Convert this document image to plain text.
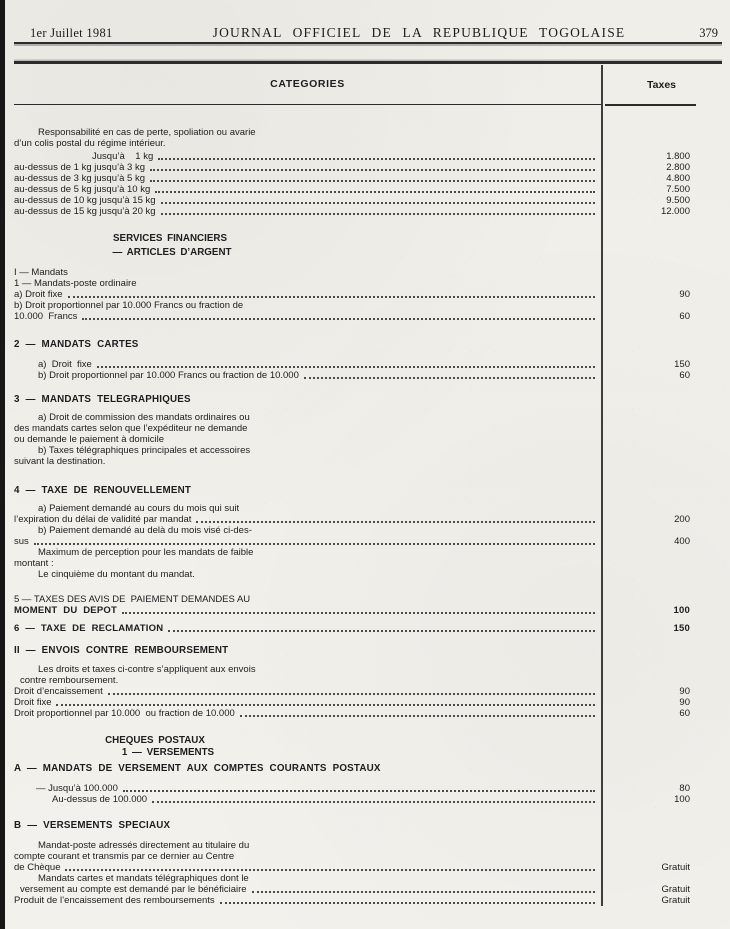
1er Juillet 1981	JOURNAL OFFICIEL DE LA REPUBLIQUE TOGOLAISE	379
CATEGORIES	Taxes
Responsabilité en cas de perte, spoliation ou avarie
d’un colis postal du régime intérieur.
Jusqu’à    1 kg	1.800
au-dessus de 1 kg jusqu’à 3 kg	2.800
au-dessus de 3 kg jusqu’à 5 kg	4.800
au-dessus de 5 kg jusqu’à 10 kg	7.500
au-dessus de 10 kg jusqu’à 15 kg	9.500
au-dessus de 15 kg jusqu’à 20 kg	12.000
SERVICES FINANCIERS
— ARTICLES D’ARGENT
I — Mandats
1 — Mandats-poste ordinaire
a) Droit fixe	90
b) Droit proportionnel par 10.000 Francs ou fraction de
10.000  Francs	60
2 — MANDATS CARTES
a)  Droit  fixe	150
b) Droit proportionnel par 10.000 Francs ou fraction de 10.000	60
3 — MANDATS TELEGRAPHIQUES
a) Droit de commission des mandats ordinaires ou
des mandats cartes selon que l’expéditeur ne demande
ou demande le paiement à domicile
b) Taxes télégraphiques principales et accessoires
suivant la destination.
4 — TAXE DE RENOUVELLEMENT
a) Paiement demandé au cours du mois qui suit
l’expiration du délai de validité par mandat	200
b) Paiement demandé au delà du mois visé ci-des-
sus	400
Maximum de perception pour les mandats de faible
montant :
Le cinquième du montant du mandat.
5 — TAXES DES AVIS DE  PAIEMENT DEMANDES AU
MOMENT DU DEPOT	100
6 — TAXE DE RECLAMATION	150
II — ENVOIS CONTRE REMBOURSEMENT
Les droits et taxes ci-contre s’appliquent aux envois
contre remboursement.
Droit d’encaissement	90
Droit fixe	90
Droit proportionnel par 10.000  ou fraction de 10.000	60
CHEQUES POSTAUX
1 — VERSEMENTS
A — MANDATS DE VERSEMENT AUX COMPTES COURANTS POSTAUX
— Jusqu’à 100.000	80
Au-dessus de 100.000	100
B — VERSEMENTS SPECIAUX
Mandat-poste adressés directement au titulaire du
compte courant et transmis par ce dernier au Centre
de Chèque	Gratuit
Mandats cartes et mandats télégraphiques dont le
versement au compte est demandé par le bénéficiaire	Gratuit
Produit de l’encaissement des remboursements	Gratuit
